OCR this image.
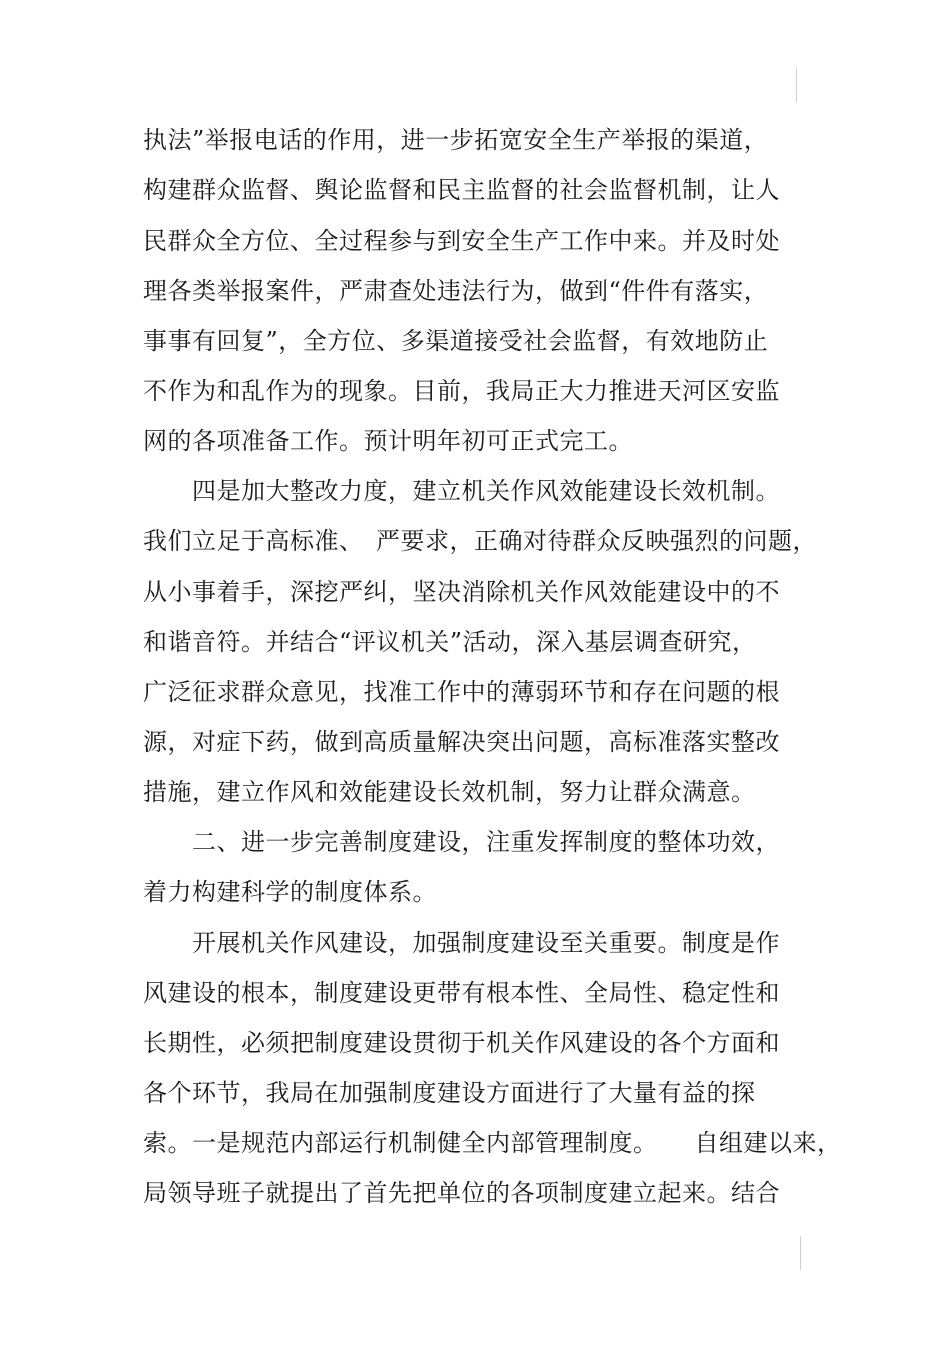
执法”举报电话的作用，进一步拓宽安全生产举报的渠道，
构建群众监督、舆论监督和民主监督的社会监督机制，让人
民群众全方位、全过程参与到安全生产工作中来。并及时处
理各类举报案件，严肃查处违法行为，做到“件件有落实，
事事有回复”，全方位、多渠道接受社会监督，有效地防止
不作为和乱作为的现象。目前，我局正大力推进天河区安监
网的各项准备工作。预计明年初可正式完工。
四是加大整改力度，建立机关作风效能建设长效机制。
我们立足于高标准、　严要求，正确对待群众反映强烈的问题，
从小事着手，深挖严纠，坚决消除机关作风效能建设中的不
和谐音符。并结合“评议机关”活动，深入基层调查研究，
广泛征求群众意见，找准工作中的薄弱环节和存在问题的根
源，对症下药，做到高质量解决突出问题，高标准落实整改
措施，建立作风和效能建设长效机制，努力让群众满意。
二、进一步完善制度建设，注重发挥制度的整体功效，
着力构建科学的制度体系。
开展机关作风建设，加强制度建设至关重要。制度是作
风建设的根本，制度建设更带有根本性、全局性、稳定性和
长期性，必须把制度建设贯彻于机关作风建设的各个方面和
各个环节，我局在加强制度建设方面进行了大量有益的探
索。一是规范内部运行机制健全内部管理制度。　　自组建以来，
局领导班子就提出了首先把单位的各项制度建立起来。结合
